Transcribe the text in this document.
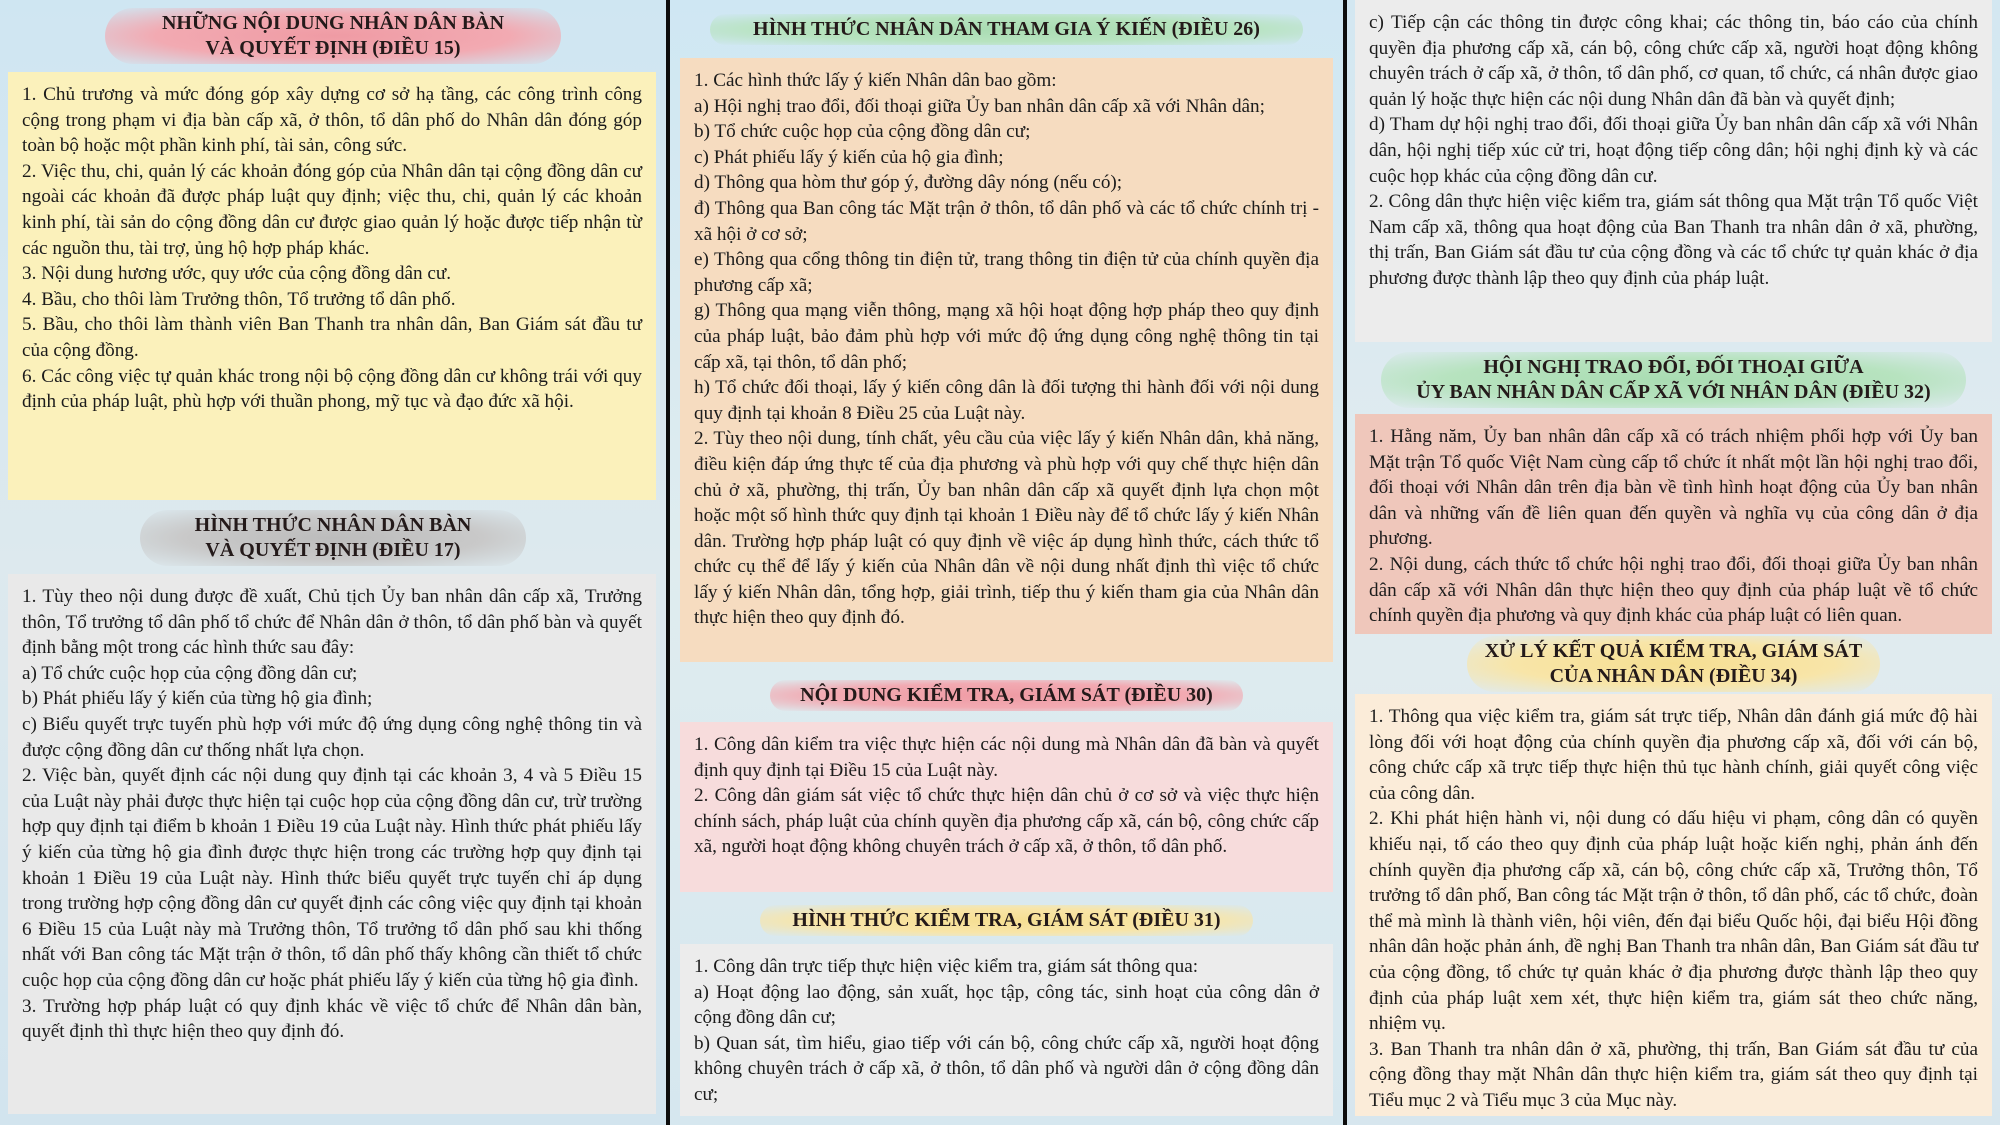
NHỮNG NỘI DUNG NHÂN DÂN BÀN
VÀ QUYẾT ĐỊNH (ĐIỀU 15)

1. Chủ trương và mức đóng góp xây dựng cơ sở hạ tầng, các công trình công cộng trong phạm vi địa bàn cấp xã, ở thôn, tổ dân phố do Nhân dân đóng góp toàn bộ hoặc một phần kinh phí, tài sản, công sức.

2. Việc thu, chi, quản lý các khoản đóng góp của Nhân dân tại cộng đồng dân cư ngoài các khoản đã được pháp luật quy định; việc thu, chi, quản lý các khoản kinh phí, tài sản do cộng đồng dân cư được giao quản lý hoặc được tiếp nhận từ các nguồn thu, tài trợ, ủng hộ hợp pháp khác.

3. Nội dung hương ước, quy ước của cộng đồng dân cư.

4. Bầu, cho thôi làm Trưởng thôn, Tổ trưởng tổ dân phố.

5. Bầu, cho thôi làm thành viên Ban Thanh tra nhân dân, Ban Giám sát đầu tư của cộng đồng.

6. Các công việc tự quản khác trong nội bộ cộng đồng dân cư không trái với quy định của pháp luật, phù hợp với thuần phong, mỹ tục và đạo đức xã hội.

HÌNH THỨC NHÂN DÂN BÀN
VÀ QUYẾT ĐỊNH (ĐIỀU 17)

1. Tùy theo nội dung được đề xuất, Chủ tịch Ủy ban nhân dân cấp xã, Trưởng thôn, Tổ trưởng tổ dân phố tổ chức để Nhân dân ở thôn, tổ dân phố bàn và quyết định bằng một trong các hình thức sau đây:

a) Tổ chức cuộc họp của cộng đồng dân cư;

b) Phát phiếu lấy ý kiến của từng hộ gia đình;

c) Biểu quyết trực tuyến phù hợp với mức độ ứng dụng công nghệ thông tin và được cộng đồng dân cư thống nhất lựa chọn.

2. Việc bàn, quyết định các nội dung quy định tại các khoản 3, 4 và 5 Điều 15 của Luật này phải được thực hiện tại cuộc họp của cộng đồng dân cư, trừ trường hợp quy định tại điểm b khoản 1 Điều 19 của Luật này. Hình thức phát phiếu lấy ý kiến của từng hộ gia đình được thực hiện trong các trường hợp quy định tại khoản 1 Điều 19 của Luật này. Hình thức biểu quyết trực tuyến chỉ áp dụng trong trường hợp cộng đồng dân cư quyết định các công việc quy định tại khoản 6 Điều 15 của Luật này mà Trưởng thôn, Tổ trưởng tổ dân phố sau khi thống nhất với Ban công tác Mặt trận ở thôn, tổ dân phố thấy không cần thiết tổ chức cuộc họp của cộng đồng dân cư hoặc phát phiếu lấy ý kiến của từng hộ gia đình.

3. Trường hợp pháp luật có quy định khác về việc tổ chức để Nhân dân bàn, quyết định thì thực hiện theo quy định đó.

HÌNH THỨC NHÂN DÂN THAM GIA Ý KIẾN (ĐIỀU 26)

1. Các hình thức lấy ý kiến Nhân dân bao gồm:

a) Hội nghị trao đổi, đối thoại giữa Ủy ban nhân dân cấp xã với Nhân dân;

b) Tổ chức cuộc họp của cộng đồng dân cư;

c) Phát phiếu lấy ý kiến của hộ gia đình;

d) Thông qua hòm thư góp ý, đường dây nóng (nếu có);

đ) Thông qua Ban công tác Mặt trận ở thôn, tổ dân phố và các tổ chức chính trị - xã hội ở cơ sở;

e) Thông qua cổng thông tin điện tử, trang thông tin điện tử của chính quyền địa phương cấp xã;

g) Thông qua mạng viễn thông, mạng xã hội hoạt động hợp pháp theo quy định của pháp luật, bảo đảm phù hợp với mức độ ứng dụng công nghệ thông tin tại cấp xã, tại thôn, tổ dân phố;

h) Tổ chức đối thoại, lấy ý kiến công dân là đối tượng thi hành đối với nội dung quy định tại khoản 8 Điều 25 của Luật này.

2. Tùy theo nội dung, tính chất, yêu cầu của việc lấy ý kiến Nhân dân, khả năng, điều kiện đáp ứng thực tế của địa phương và phù hợp với quy chế thực hiện dân chủ ở xã, phường, thị trấn, Ủy ban nhân dân cấp xã quyết định lựa chọn một hoặc một số hình thức quy định tại khoản 1 Điều này để tổ chức lấy ý kiến Nhân dân. Trường hợp pháp luật có quy định về việc áp dụng hình thức, cách thức tổ chức cụ thể để lấy ý kiến của Nhân dân về nội dung nhất định thì việc tổ chức lấy ý kiến Nhân dân, tổng hợp, giải trình, tiếp thu ý kiến tham gia của Nhân dân thực hiện theo quy định đó.

NỘI DUNG KIỂM TRA, GIÁM SÁT (ĐIỀU 30)

1. Công dân kiểm tra việc thực hiện các nội dung mà Nhân dân đã bàn và quyết định quy định tại Điều 15 của Luật này.

2. Công dân giám sát việc tổ chức thực hiện dân chủ ở cơ sở và việc thực hiện chính sách, pháp luật của chính quyền địa phương cấp xã, cán bộ, công chức cấp xã, người hoạt động không chuyên trách ở cấp xã, ở thôn, tổ dân phố.

HÌNH THỨC KIỂM TRA, GIÁM SÁT (ĐIỀU 31)

1. Công dân trực tiếp thực hiện việc kiểm tra, giám sát thông qua:

a) Hoạt động lao động, sản xuất, học tập, công tác, sinh hoạt của công dân ở cộng đồng dân cư;

b) Quan sát, tìm hiểu, giao tiếp với cán bộ, công chức cấp xã, người hoạt động không chuyên trách ở cấp xã, ở thôn, tổ dân phố và người dân ở cộng đồng dân cư;

c) Tiếp cận các thông tin được công khai; các thông tin, báo cáo của chính quyền địa phương cấp xã, cán bộ, công chức cấp xã, người hoạt động không chuyên trách ở cấp xã, ở thôn, tổ dân phố, cơ quan, tổ chức, cá nhân được giao quản lý hoặc thực hiện các nội dung Nhân dân đã bàn và quyết định;

d) Tham dự hội nghị trao đổi, đối thoại giữa Ủy ban nhân dân cấp xã với Nhân dân, hội nghị tiếp xúc cử tri, hoạt động tiếp công dân; hội nghị định kỳ và các cuộc họp khác của cộng đồng dân cư.

2. Công dân thực hiện việc kiểm tra, giám sát thông qua Mặt trận Tổ quốc Việt Nam cấp xã, thông qua hoạt động của Ban Thanh tra nhân dân ở xã, phường, thị trấn, Ban Giám sát đầu tư của cộng đồng và các tổ chức tự quản khác ở địa phương được thành lập theo quy định của pháp luật.

HỘI NGHỊ TRAO ĐỔI, ĐỐI THOẠI GIỮA
ỦY BAN NHÂN DÂN CẤP XÃ VỚI NHÂN DÂN (ĐIỀU 32)

1. Hằng năm, Ủy ban nhân dân cấp xã có trách nhiệm phối hợp với Ủy ban Mặt trận Tổ quốc Việt Nam cùng cấp tổ chức ít nhất một lần hội nghị trao đổi, đối thoại với Nhân dân trên địa bàn về tình hình hoạt động của Ủy ban nhân dân và những vấn đề liên quan đến quyền và nghĩa vụ của công dân ở địa phương.

2. Nội dung, cách thức tổ chức hội nghị trao đổi, đối thoại giữa Ủy ban nhân dân cấp xã với Nhân dân thực hiện theo quy định của pháp luật về tổ chức chính quyền địa phương và quy định khác của pháp luật có liên quan.

XỬ LÝ KẾT QUẢ KIỂM TRA, GIÁM SÁT
CỦA NHÂN DÂN (ĐIỀU 34)

1. Thông qua việc kiểm tra, giám sát trực tiếp, Nhân dân đánh giá mức độ hài lòng đối với hoạt động của chính quyền địa phương cấp xã, đối với cán bộ, công chức cấp xã trực tiếp thực hiện thủ tục hành chính, giải quyết công việc của công dân.

2. Khi phát hiện hành vi, nội dung có dấu hiệu vi phạm, công dân có quyền khiếu nại, tố cáo theo quy định của pháp luật hoặc kiến nghị, phản ánh đến chính quyền địa phương cấp xã, cán bộ, công chức cấp xã, Trưởng thôn, Tổ trưởng tổ dân phố, Ban công tác Mặt trận ở thôn, tổ dân phố, các tổ chức, đoàn thể mà mình là thành viên, hội viên, đến đại biểu Quốc hội, đại biểu Hội đồng nhân dân hoặc phản ánh, đề nghị Ban Thanh tra nhân dân, Ban Giám sát đầu tư của cộng đồng, tổ chức tự quản khác ở địa phương được thành lập theo quy định của pháp luật xem xét, thực hiện kiểm tra, giám sát theo chức năng, nhiệm vụ.

3. Ban Thanh tra nhân dân ở xã, phường, thị trấn, Ban Giám sát đầu tư của cộng đồng thay mặt Nhân dân thực hiện kiểm tra, giám sát theo quy định tại Tiểu mục 2 và Tiểu mục 3 của Mục này.
